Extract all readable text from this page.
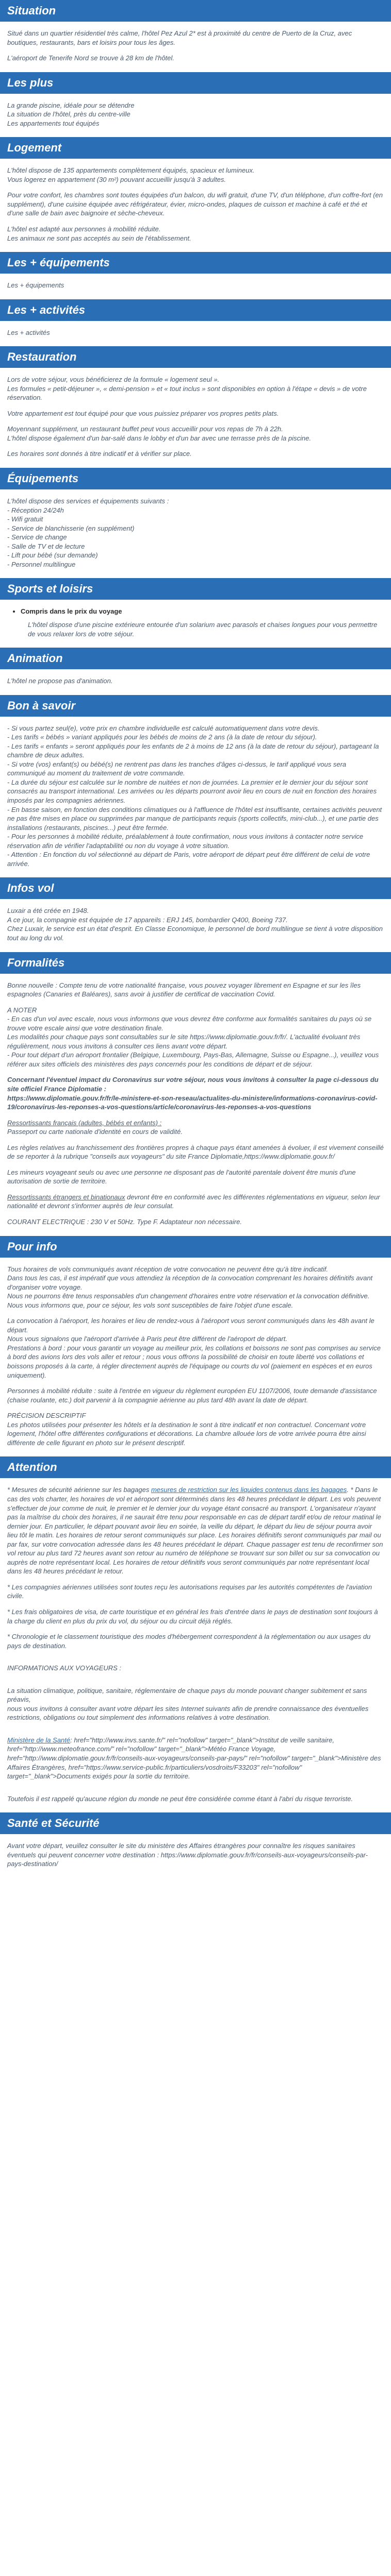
Situation

Situé dans un quartier résidentiel très calme, l'hôtel Pez Azul 2* est à proximité du centre de Puerto de la Cruz, avec boutiques, restaurants, bars et loisirs pour tous les âges.

L'aéroport de Tenerife Nord se trouve à 28 km de l'hôtel.

Les plus
La grande piscine, idéale pour se détendre
La situation de l'hôtel, près du centre-ville
Les appartements tout équipés
Logement

L'hôtel dispose de 135 appartements complètement équipés, spacieux et lumineux.
Vous logerez en appartement (30 m²) pouvant accueillir jusqu'à 3 adultes.

Pour votre confort, les chambres sont toutes équipées d'un balcon, du wifi gratuit, d'une TV, d'un téléphone, d'un coffre-fort (en supplément), d'une cuisine équipée avec réfrigérateur, évier, micro-ondes, plaques de cuisson et machine à café et thé et d'une salle de bain avec baignoire et sèche-cheveux.

L'hôtel est adapté aux personnes à mobilité réduite.
Les animaux ne sont pas acceptés au sein de l'établissement.

Les + équipements

Les + équipements

Les + activités

Les + activités

Restauration

Lors de votre séjour, vous bénéficierez de la formule « logement seul ».
Les formules « petit-déjeuner », « demi-pension » et « tout inclus » sont disponibles en option à l'étape « devis » de votre réservation.

Votre appartement est tout équipé pour que vous puissiez préparer vos propres petits plats.

Moyennant supplément, un restaurant buffet peut vous accueillir pour vos repas de 7h à 22h.
L'hôtel dispose également d'un bar-salé dans le lobby et d'un bar avec une terrasse près de la piscine.

Les horaires sont donnés à titre indicatif et à vérifier sur place.

Équipements
L'hôtel dispose des services et équipements suivants :
- Réception 24/24h
- Wifi gratuit
- Service de blanchisserie (en supplément)
- Service de change
- Salle de TV et de lecture
- Lift pour bébé (sur demande)
- Personnel multilingue
Sports et loisirs
• Compris dans le prix du voyage
L'hôtel dispose d'une piscine extérieure entourée d'un solarium avec parasols et chaises longues pour vous permettre de vous relaxer lors de votre séjour.
Animation

L'hôtel ne propose pas d'animation.

Bon à savoir
- Si vous partez seul(e), votre prix en chambre individuelle est calculé automatiquement dans votre devis.
- Les tarifs « bébés » variant appliqués pour les bébés de moins de 2 ans (à la date de retour du séjour).
- Les tarifs « enfants » seront appliqués pour les enfants de 2 à moins de 12 ans (à la date de retour du séjour), partageant la chambre de deux adultes.
- Si votre (vos) enfant(s) ou bébé(s) ne rentrent pas dans les tranches d'âges ci-dessus, le tarif appliqué vous sera communiqué au moment du traitement de votre commande.
- La durée du séjour est calculée sur le nombre de nuitées et non de journées. La premier et le dernier jour du séjour sont consacrés au transport international. Les arrivées ou les départs pourront avoir lieu en cours de nuit en fonction des horaires imposés par les compagnies aériennes.
- En basse saison, en fonction des conditions climatiques ou à l'affluence de l'hôtel est insuffisante, certaines activités peuvent ne pas être mises en place ou supprimées par manque de participants requis (sports collectifs, mini-club...), et une partie des installations (restaurants, piscines...) peut être fermée.
- Pour les personnes à mobilité réduite, préalablement à toute confirmation, nous vous invitons à contacter notre service réservation afin de vérifier l'adaptabilité ou non du voyage à votre situation.
- Attention : En fonction du vol sélectionné au départ de Paris, votre aéroport de départ peut être différent de celui de votre arrivée.
Infos vol
Luxair a été créée en 1948.
A ce jour, la compagnie est équipée de 17 appareils : ERJ 145, bombardier Q400, Boeing 737.
Chez Luxair, le service est un état d'esprit. En Classe Economique, le personnel de bord multilingue se tient à votre disposition tout au long du vol.
Formalités

Bonne nouvelle : Compte tenu de votre nationalité française, vous pouvez voyager librement en Espagne et sur les îles espagnoles (Canaries et Baléares), sans avoir à justifier de certificat de vaccination Covid.

A NOTER
- En cas d'un vol avec escale, nous vous informons que vous devrez être conforme aux formalités sanitaires du pays où se trouve votre escale ainsi que votre destination finale.
Les modalités pour chaque pays sont consultables sur le site https://www.diplomatie.gouv.fr/fr/. L'actualité évoluant très régulièrement, nous vous invitons à consulter ces liens avant votre départ.
- Pour tout départ d'un aéroport frontalier (Belgique, Luxembourg, Pays-Bas, Allemagne, Suisse ou Espagne...), veuillez vous référer aux sites officiels des ministères des pays concernés pour les conditions de départ et de séjour.

Concernant l'éventuel impact du Coronavirus sur votre séjour, nous vous invitons à consulter la page ci-dessous du site officiel France Diplomatie :
https://www.diplomatie.gouv.fr/fr/le-ministere-et-son-reseau/actualites-du-ministere/informations-coronavirus-covid-19/coronavirus-les-reponses-a-vos-questions/article/coronavirus-les-reponses-a-vos-questions

Ressortissants français (adultes, bébés et enfants) :
Passeport ou carte nationale d'identité en cours de validité.

Les règles relatives au franchissement des frontières propres à chaque pays étant amenées à évoluer, il est vivement conseillé de se reporter à la rubrique "conseils aux voyageurs" du site France Diplomatie,https://www.diplomatie.gouv.fr/

Les mineurs voyageant seuls ou avec une personne ne disposant pas de l'autorité parentale doivent être munis d'une autorisation de sortie de territoire.

Ressortissants étrangers et binationaux devront être en conformité avec les différentes réglementations en vigueur, selon leur nationalité et devront s'informer auprès de leur consulat.

COURANT ELECTRIQUE : 230 V et 50Hz. Type F. Adaptateur non nécessaire.

Pour info

Tous horaires de vols communiqués avant réception de votre convocation ne peuvent être qu'à titre indicatif.
Dans tous les cas, il est impératif que vous attendiez la réception de la convocation comprenant les horaires définitifs avant d'organiser votre voyage.
Nous ne pourrons être tenus responsables d'un changement d'horaires entre votre réservation et la convocation définitive.
Nous vous informons que, pour ce séjour, les vols sont susceptibles de faire l'objet d'une escale.

La convocation à l'aéroport, les horaires et lieu de rendez-vous à l'aéroport vous seront communiqués dans les 48h avant le départ.
Nous vous signalons que l'aéroport d'arrivée à Paris peut être différent de l'aéroport de départ.
Prestations à bord : pour vous garantir un voyage au meilleur prix, les collations et boissons ne sont pas comprises au service à bord des avions lors des vols aller et retour ; nous vous offrons la possibilité de choisir en toute liberté vos collations et boissons proposés à la carte, à régler directement auprès de l'équipage ou courts du vol (paiement en espèces et en euros uniquement).

Personnes à mobilité réduite : suite à l'entrée en vigueur du règlement européen EU 1107/2006, toute demande d'assistance (chaise roulante, etc.) doit parvenir à la compagnie aérienne au plus tard 48h avant la date de départ.

PRÉCISION DESCRIPTIF
Les photos utilisées pour présenter les hôtels et la destination le sont à titre indicatif et non contractuel. Concernant votre logement, l'hôtel offre différentes configurations et décorations. La chambre allouée lors de votre arrivée pourra être ainsi différente de celle figurant en photo sur le présent descriptif.

Attention

* Mesures de sécurité aérienne sur les bagages mesures de restriction sur les liquides contenus dans les bagages. * Dans le cas des vols charter, les horaires de vol et aéroport sont déterminés dans les 48 heures précédant le départ. Les vols peuvent s'effectuer de jour comme de nuit, le premier et le dernier jour du voyage étant consacré au transport. L'organisateur n'ayant pas la maîtrise du choix des horaires, il ne saurait être tenu pour responsable en cas de départ tardif et/ou de retour matinal le dernier jour. En particulier, le départ pouvant avoir lieu en soirée, la veille du départ, le départ du lieu de séjour pourra avoir lieu tôt le matin. Les horaires de retour seront communiqués sur place. Les horaires définitifs seront communiqués par mail ou par fax, sur votre convocation adressée dans les 48 heures précédant le départ. Chaque passager est tenu de reconfirmer son vol retour au plus tard 72 heures avant son retour au numéro de téléphone se trouvant sur son billet ou sur sa convocation ou auprès de notre représentant local. Les horaires de retour définitifs vous seront communiqués par notre représentant local dans les 48 heures précédant le retour.

* Les compagnies aériennes utilisées sont toutes reçu les autorisations requises par les autorités compétentes de l'aviation civile.

* Les frais obligatoires de visa, de carte touristique et en général les frais d'entrée dans le pays de destination sont toujours à la charge du client en plus du prix du vol, du séjour ou du circuit déjà réglés.

* Chronologie et le classement touristique des modes d'hébergement correspondent à la réglementation ou aux usages du pays de destination.

INFORMATIONS AUX VOYAGEURS :

La situation climatique, politique, sanitaire, réglementaire de chaque pays du monde pouvant changer subitement et sans préavis,
nous vous invitons à consulter avant votre départ les sites Internet suivants afin de prendre connaissance des éventuelles restrictions, obligations ou tout simplement des informations relatives à votre destination.

Ministère de la Santé: href="http://www.invs.sante.fr/" rel="nofollow" target="_blank">Institut de veille sanitaire, href="http://www.meteofrance.com/" rel="nofollow" target="_blank">Météo France Voyage, href="http://www.diplomatie.gouv.fr/fr/conseils-aux-voyageurs/conseils-par-pays/" rel="nofollow" target="_blank">Ministère des Affaires Étrangères, href="https://www.service-public.fr/particuliers/vosdroits/F33203" rel="nofollow" target="_blank">Documents exigés pour la sortie du territoire.

Toutefois il est rappelé qu'aucune région du monde ne peut être considérée comme étant à l'abri du risque terroriste.

Santé et Sécurité

Avant votre départ, veuillez consulter le site du ministère des Affaires étrangères pour connaître les risques sanitaires éventuels qui peuvent concerner votre destination : https://www.diplomatie.gouv.fr/fr/conseils-aux-voyageurs/conseils-par-pays-destination/
